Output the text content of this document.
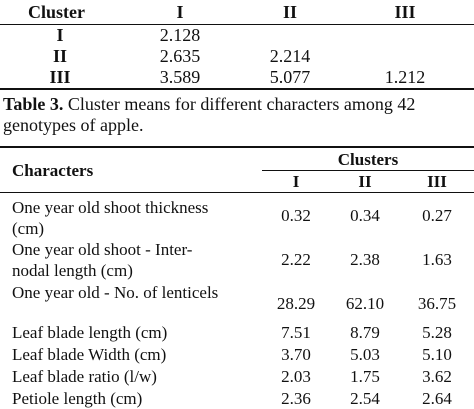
Cluster	I	II	III
I	2.128
II	2.635	2.214
III	3.589	5.077	1.212
Table 3. Cluster means for different characters among 42
genotypes of apple.
Characters
Clusters
I	II	III
One year old shoot thickness
(cm)
0.32	0.34	0.27
One year old shoot - Inter-
nodal length (cm)
2.22	2.38	1.63
One year old - No. of lenticels
28.29	62.10	36.75
Leaf blade length (cm)	7.51	8.79	5.28
Leaf blade Width (cm)	3.70	5.03	5.10
Leaf blade ratio (l/w)	2.03	1.75	3.62
Petiole length (cm)	2.36	2.54	2.64
